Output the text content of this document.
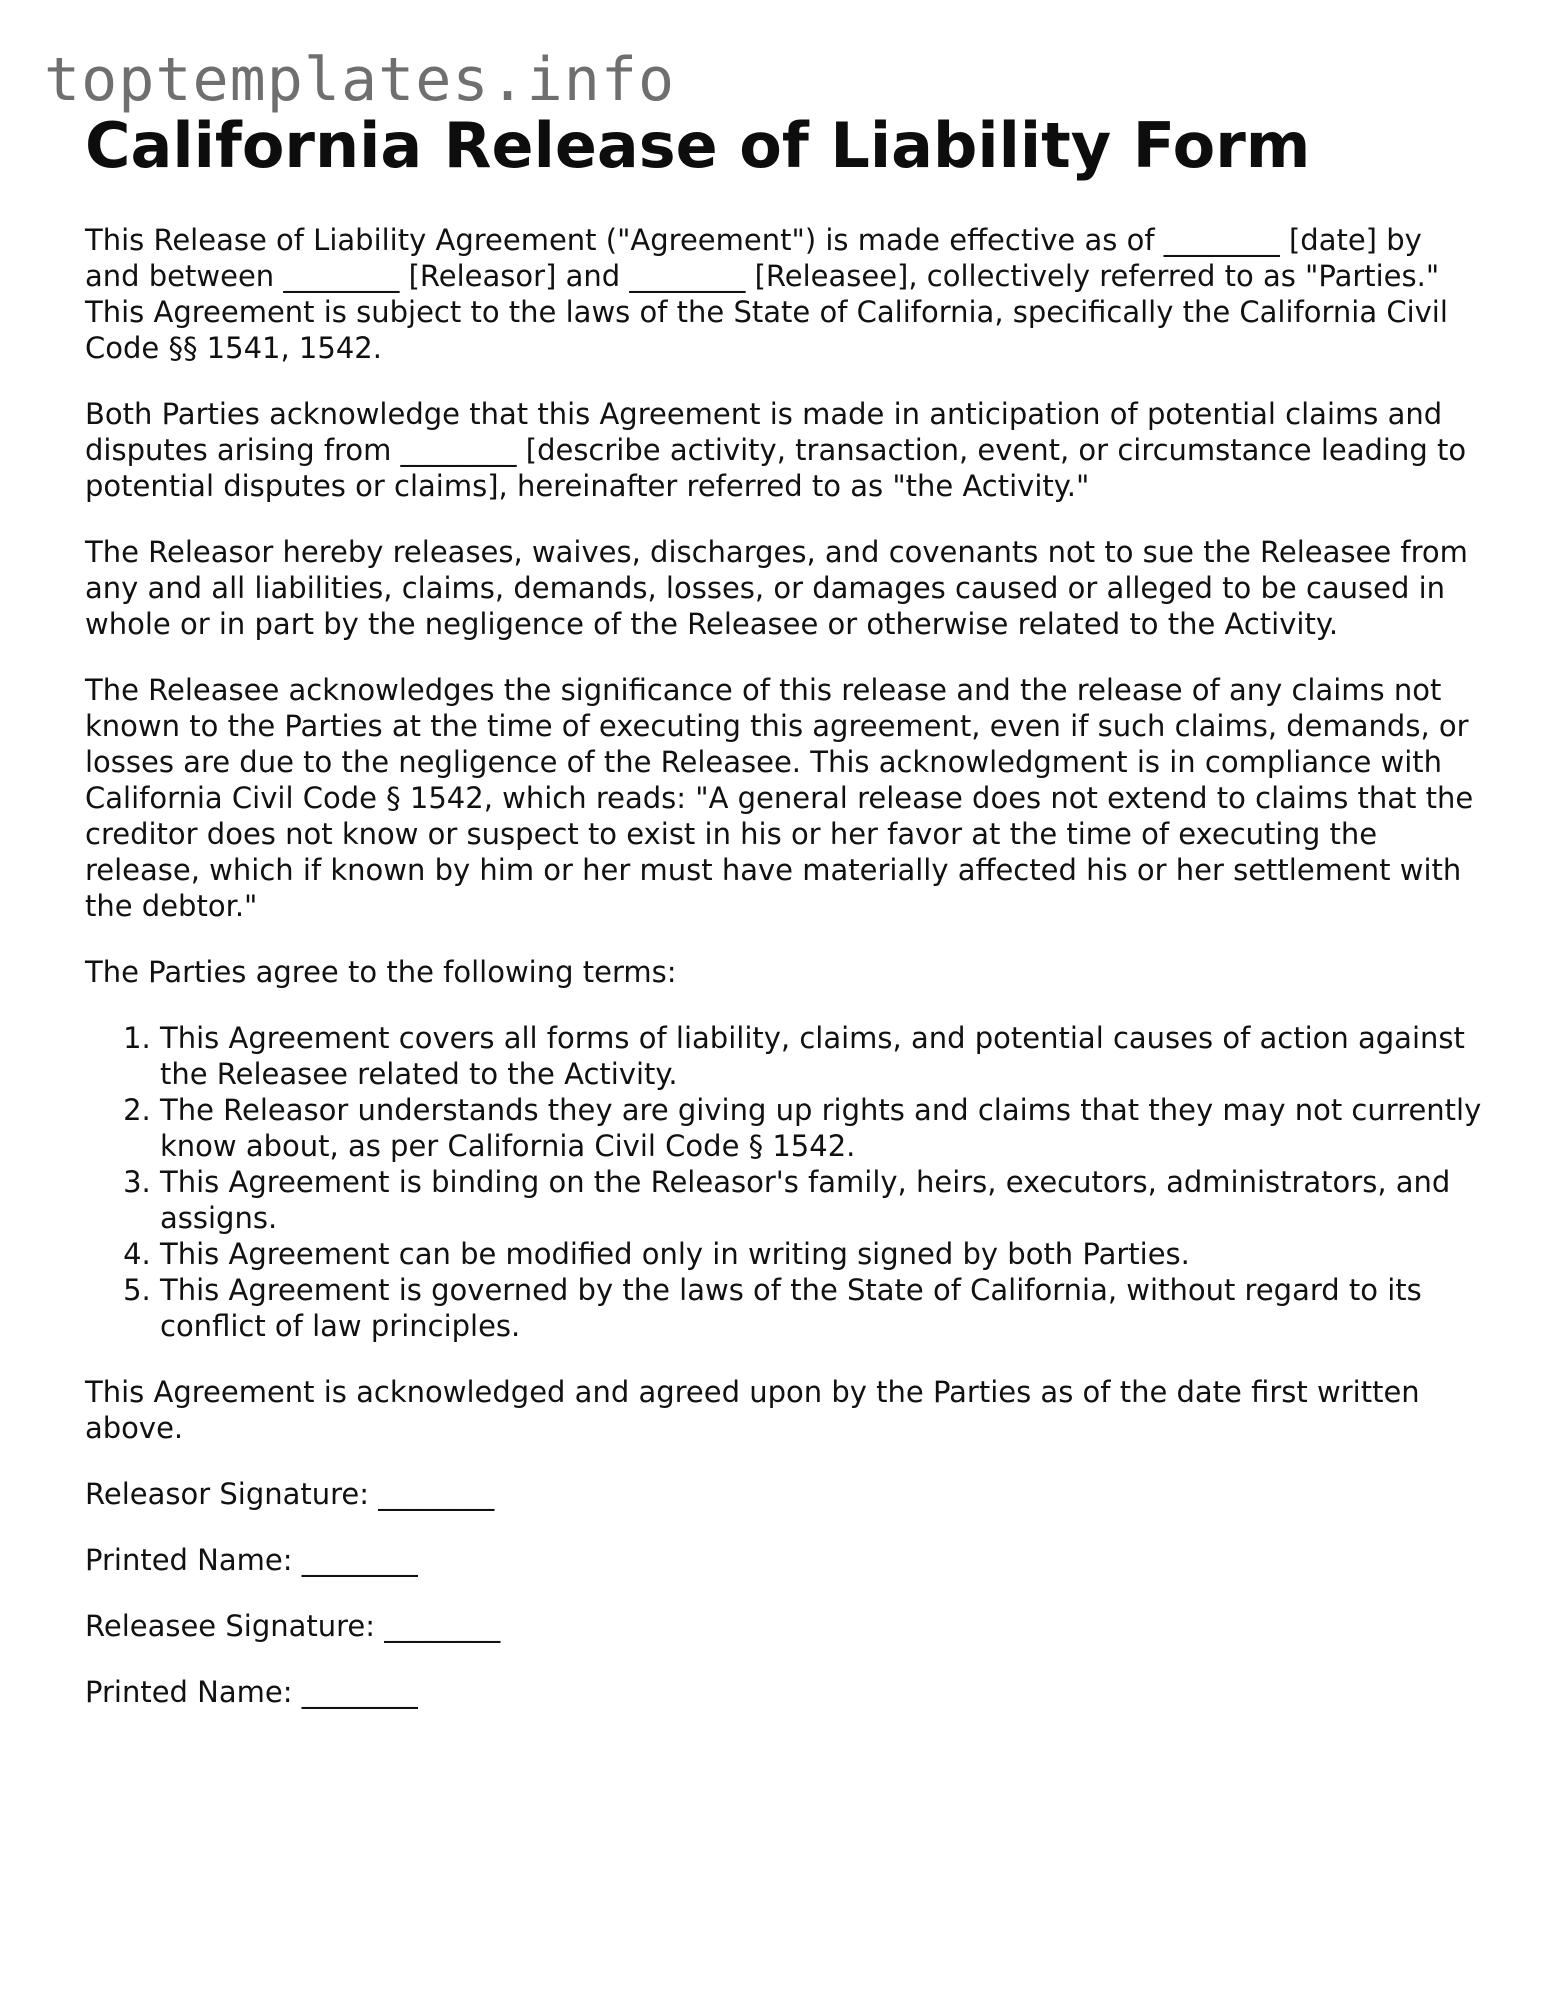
toptemplates.info
California Release of Liability Form

This Release of Liability Agreement ("Agreement") is made effective as of ________ [date] by and between ________ [Releasor] and ________ [Releasee], collectively referred to as "Parties." This Agreement is subject to the laws of the State of California, specifically the California Civil Code §§ 1541, 1542.

Both Parties acknowledge that this Agreement is made in anticipation of potential claims and disputes arising from ________ [describe activity, transaction, event, or circumstance leading to potential disputes or claims], hereinafter referred to as "the Activity."

The Releasor hereby releases, waives, discharges, and covenants not to sue the Releasee from any and all liabilities, claims, demands, losses, or damages caused or alleged to be caused in whole or in part by the negligence of the Releasee or otherwise related to the Activity.

The Releasee acknowledges the significance of this release and the release of any claims not known to the Parties at the time of executing this agreement, even if such claims, demands, or losses are due to the negligence of the Releasee. This acknowledgment is in compliance with California Civil Code § 1542, which reads: "A general release does not extend to claims that the creditor does not know or suspect to exist in his or her favor at the time of executing the release, which if known by him or her must have materially affected his or her settlement with the debtor."

The Parties agree to the following terms:

1. This Agreement covers all forms of liability, claims, and potential causes of action against the Releasee related to the Activity.
2. The Releasor understands they are giving up rights and claims that they may not currently know about, as per California Civil Code § 1542.
3. This Agreement is binding on the Releasor's family, heirs, executors, administrators, and assigns.
4. This Agreement can be modified only in writing signed by both Parties.
5. This Agreement is governed by the laws of the State of California, without regard to its conflict of law principles.

This Agreement is acknowledged and agreed upon by the Parties as of the date first written above.

Releasor Signature: ________

Printed Name: ________

Releasee Signature: ________

Printed Name: ________
